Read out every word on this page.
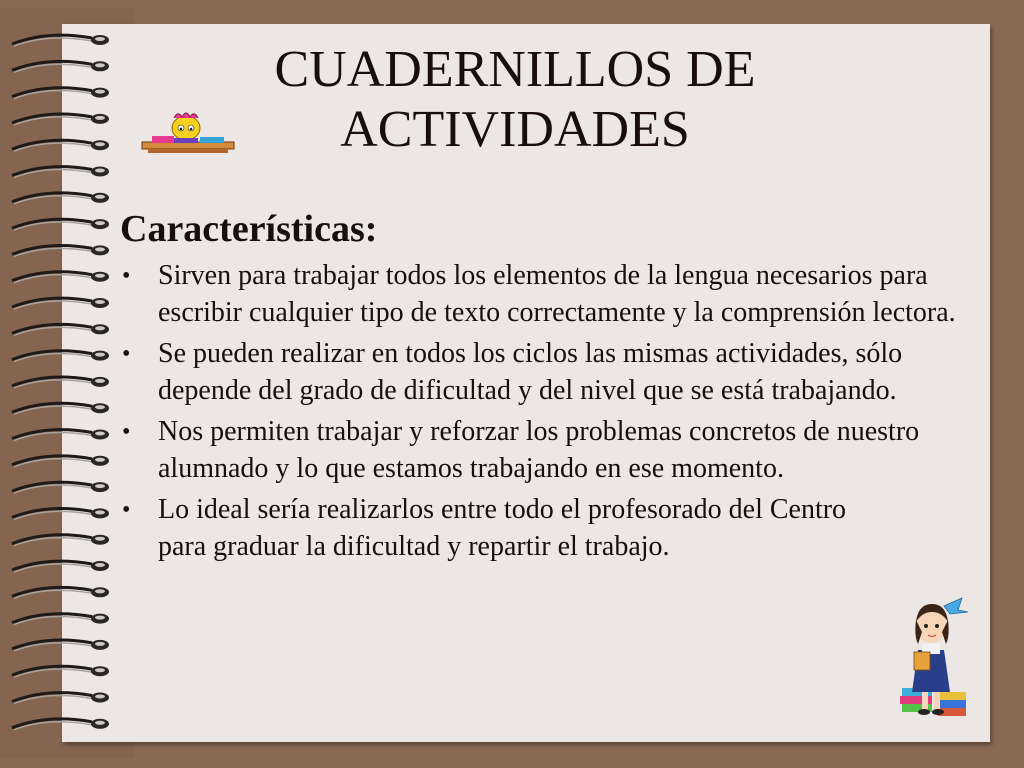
CUADERNILLOS DE
ACTIVIDADES
Características:
• Sirven para trabajar todos los elementos de la lengua necesarios para escribir cualquier tipo de texto correctamente y la comprensión lectora.
• Se pueden realizar en todos los ciclos las mismas actividades, sólo depende del grado de dificultad y del nivel que se está trabajando.
• Nos permiten trabajar y reforzar los problemas concretos de nuestro alumnado y lo que estamos trabajando en ese momento.
• Lo ideal sería realizarlos entre todo el profesorado del Centro para graduar la dificultad y repartir el trabajo.
